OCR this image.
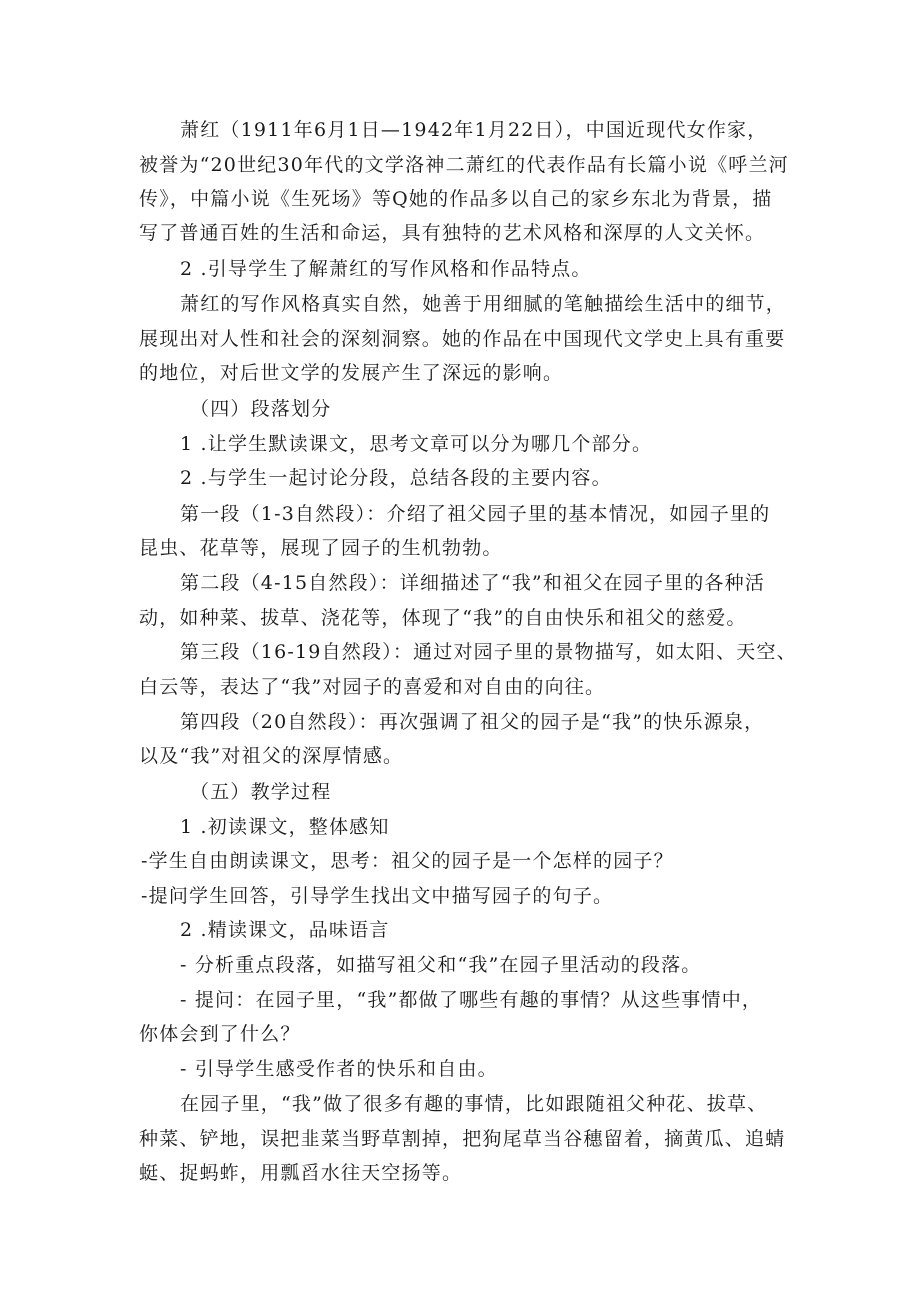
萧红（1911年6月1日—1942年1月22日），中国近现代女作家，
被誉为“20世纪30年代的文学洛神二萧红的代表作品有长篇小说《呼兰河
传》，中篇小说《生死场》等Q她的作品多以自己的家乡东北为背景，描
写了普通百姓的生活和命运，具有独特的艺术风格和深厚的人文关怀。
2 .引导学生了解萧红的写作风格和作品特点。
萧红的写作风格真实自然，她善于用细腻的笔触描绘生活中的细节，
展现出对人性和社会的深刻洞察。她的作品在中国现代文学史上具有重要
的地位，对后世文学的发展产生了深远的影响。
（四）段落划分
1 .让学生默读课文，思考文章可以分为哪几个部分。
2 .与学生一起讨论分段，总结各段的主要内容。
第一段（1-3自然段）：介绍了祖父园子里的基本情况，如园子里的
昆虫、花草等，展现了园子的生机勃勃。
第二段（4-15自然段）：详细描述了“我”和祖父在园子里的各种活
动，如种菜、拔草、浇花等，体现了“我”的自由快乐和祖父的慈爱。
第三段（16-19自然段）：通过对园子里的景物描写，如太阳、天空、
白云等，表达了“我”对园子的喜爱和对自由的向往。
第四段（20自然段）：再次强调了祖父的园子是“我”的快乐源泉，
以及“我”对祖父的深厚情感。
（五）教学过程
1 .初读课文，整体感知
-学生自由朗读课文，思考：祖父的园子是一个怎样的园子？
-提问学生回答，引导学生找出文中描写园子的句子。
2 .精读课文，品味语言
- 分析重点段落，如描写祖父和“我”在园子里活动的段落。
- 提问：在园子里，“我”都做了哪些有趣的事情？从这些事情中，
你体会到了什么？
- 引导学生感受作者的快乐和自由。
在园子里，“我”做了很多有趣的事情，比如跟随祖父种花、拔草、
种菜、铲地，误把韭菜当野草割掉，把狗尾草当谷穗留着，摘黄瓜、追蜻
蜓、捉蚂蚱，用瓢舀水往天空扬等。
